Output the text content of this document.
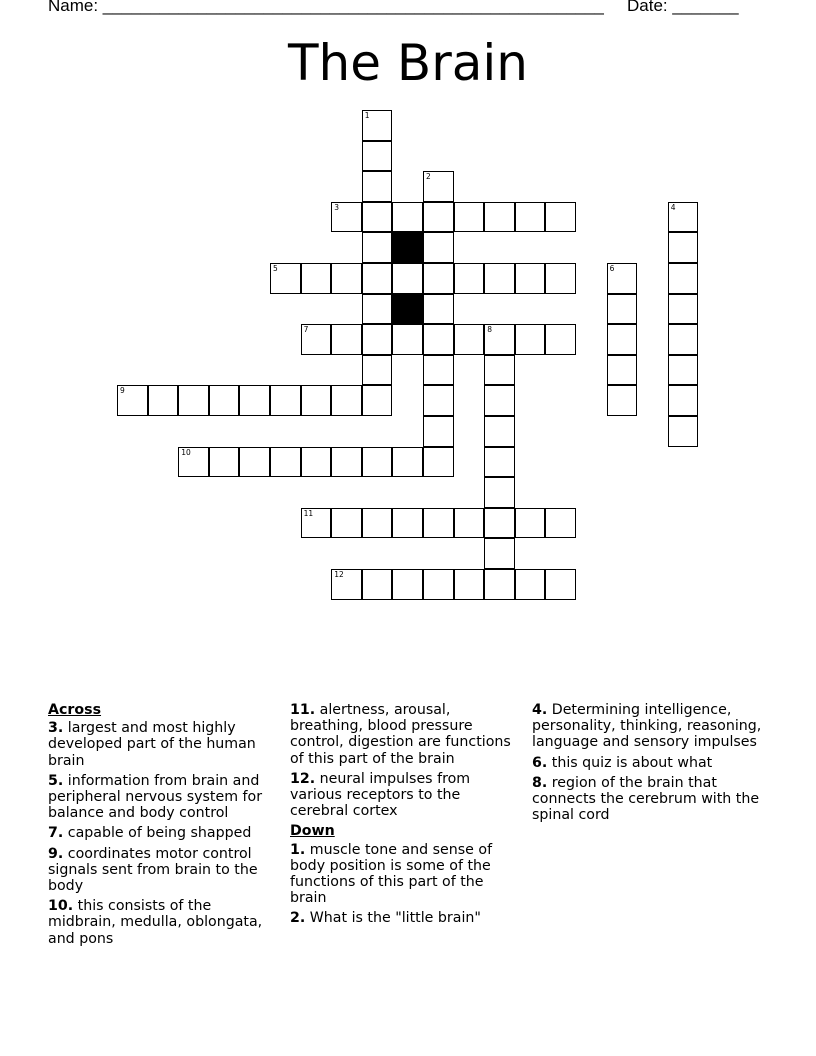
Name: _____________________________________________________ Date: _______
The Brain
1
2
3	4
5	6
7	8
9
10
11
12
Across
3. largest and most highly developed part of the human brain
5. information from brain and peripheral nervous system for balance and body control
7. capable of being shapped
9. coordinates motor control signals sent from brain to the body
10. this consists of the midbrain, medulla, oblongata, and pons
11. alertness, arousal, breathing, blood pressure control, digestion are functions of this part of the brain
12. neural impulses from various receptors to the cerebral cortex
Down
1. muscle tone and sense of body position is some of the functions of this part of the brain
2. What is the "little brain"
4. Determining intelligence, personality, thinking, reasoning, language and sensory impulses
6. this quiz is about what
8. region of the brain that connects the cerebrum with the spinal cord
